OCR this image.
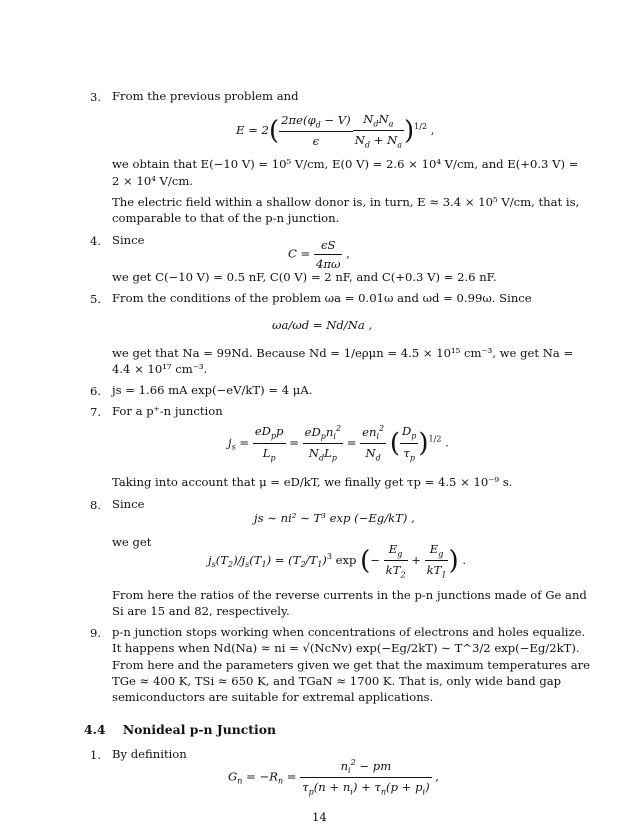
3. From the previous problem and
$E = 2( \frac{2\pi e(\varphi_d - V)}{\epsilon} \frac{N_dN_a}{N_d + N_a} )^{1/2}$ ,
we obtain that E(−10 V) = 10⁵ V/cm, E(0 V) = 2.6 × 10⁴ V/cm, and E(+0.3 V) =
2 × 10⁴ V/cm.
The electric field within a shallow donor is, in turn, E ≈ 3.4 × 10⁵ V/cm, that is,
comparable to that of the p-n junction.
4. Since
$C = \frac{\epsilon S}{4\pi\omega}$ ,
we get C(−10 V) = 0.5 nF, C(0 V) = 2 nF, and C(+0.3 V) = 2.6 nF.
5. From the conditions of the problem ωa = 0.01ω and ωd = 0.99ω. Since
ωa/ωd = Nd/Na ,
we get that Na = 99Nd. Because Nd = 1/eρμn = 4.5 × 10¹⁵ cm⁻³, we get Na =
4.4 × 10¹⁷ cm⁻³.
6. js = 1.66 mA exp(−eV/kT) = 4 μA.
7. For a p⁺-n junction
$j_s = \frac{eD_pp}{L_p} = \frac{eD_pn_i^2}{N_dL_p} = \frac{en_i^2}{N_d}$ ( $\frac{D_p}{\tau_p} )^{1/2}$ .
Taking into account that μ = eD/kT, we finally get τp = 4.5 × 10⁻⁹ s.
8. Since
js ∼ ni² ∼ T³ exp (−Eg/kT) ,
we get
$j_s(T_2)/j_s(T_1) = (T_2/T_1)^3$ exp (− $\frac{E_g}{kT_2} + \frac{E_g}{kT_1}$ ) .
From here the ratios of the reverse currents in the p-n junctions made of Ge and
Si are 15 and 82, respectively.
9. p-n junction stops working when concentrations of electrons and holes equalize.
It happens when Nd(Na) ≈ ni = √(NcNv) exp(−Eg/2kT) ∼ T^3/2 exp(−Eg/2kT).
From here and the parameters given we get that the maximum temperatures are
TGe ≈ 400 K, TSi ≈ 650 K, and TGaN ≈ 1700 K. That is, only wide band gap
semiconductors are suitable for extremal applications.
4.4 Nonideal p-n Junction
1. By definition
$G_n = -R_n = \frac{n_i^2 - pm}{\tau_p(n + n_i) + \tau_n(p + p_i)}$ ,
14
